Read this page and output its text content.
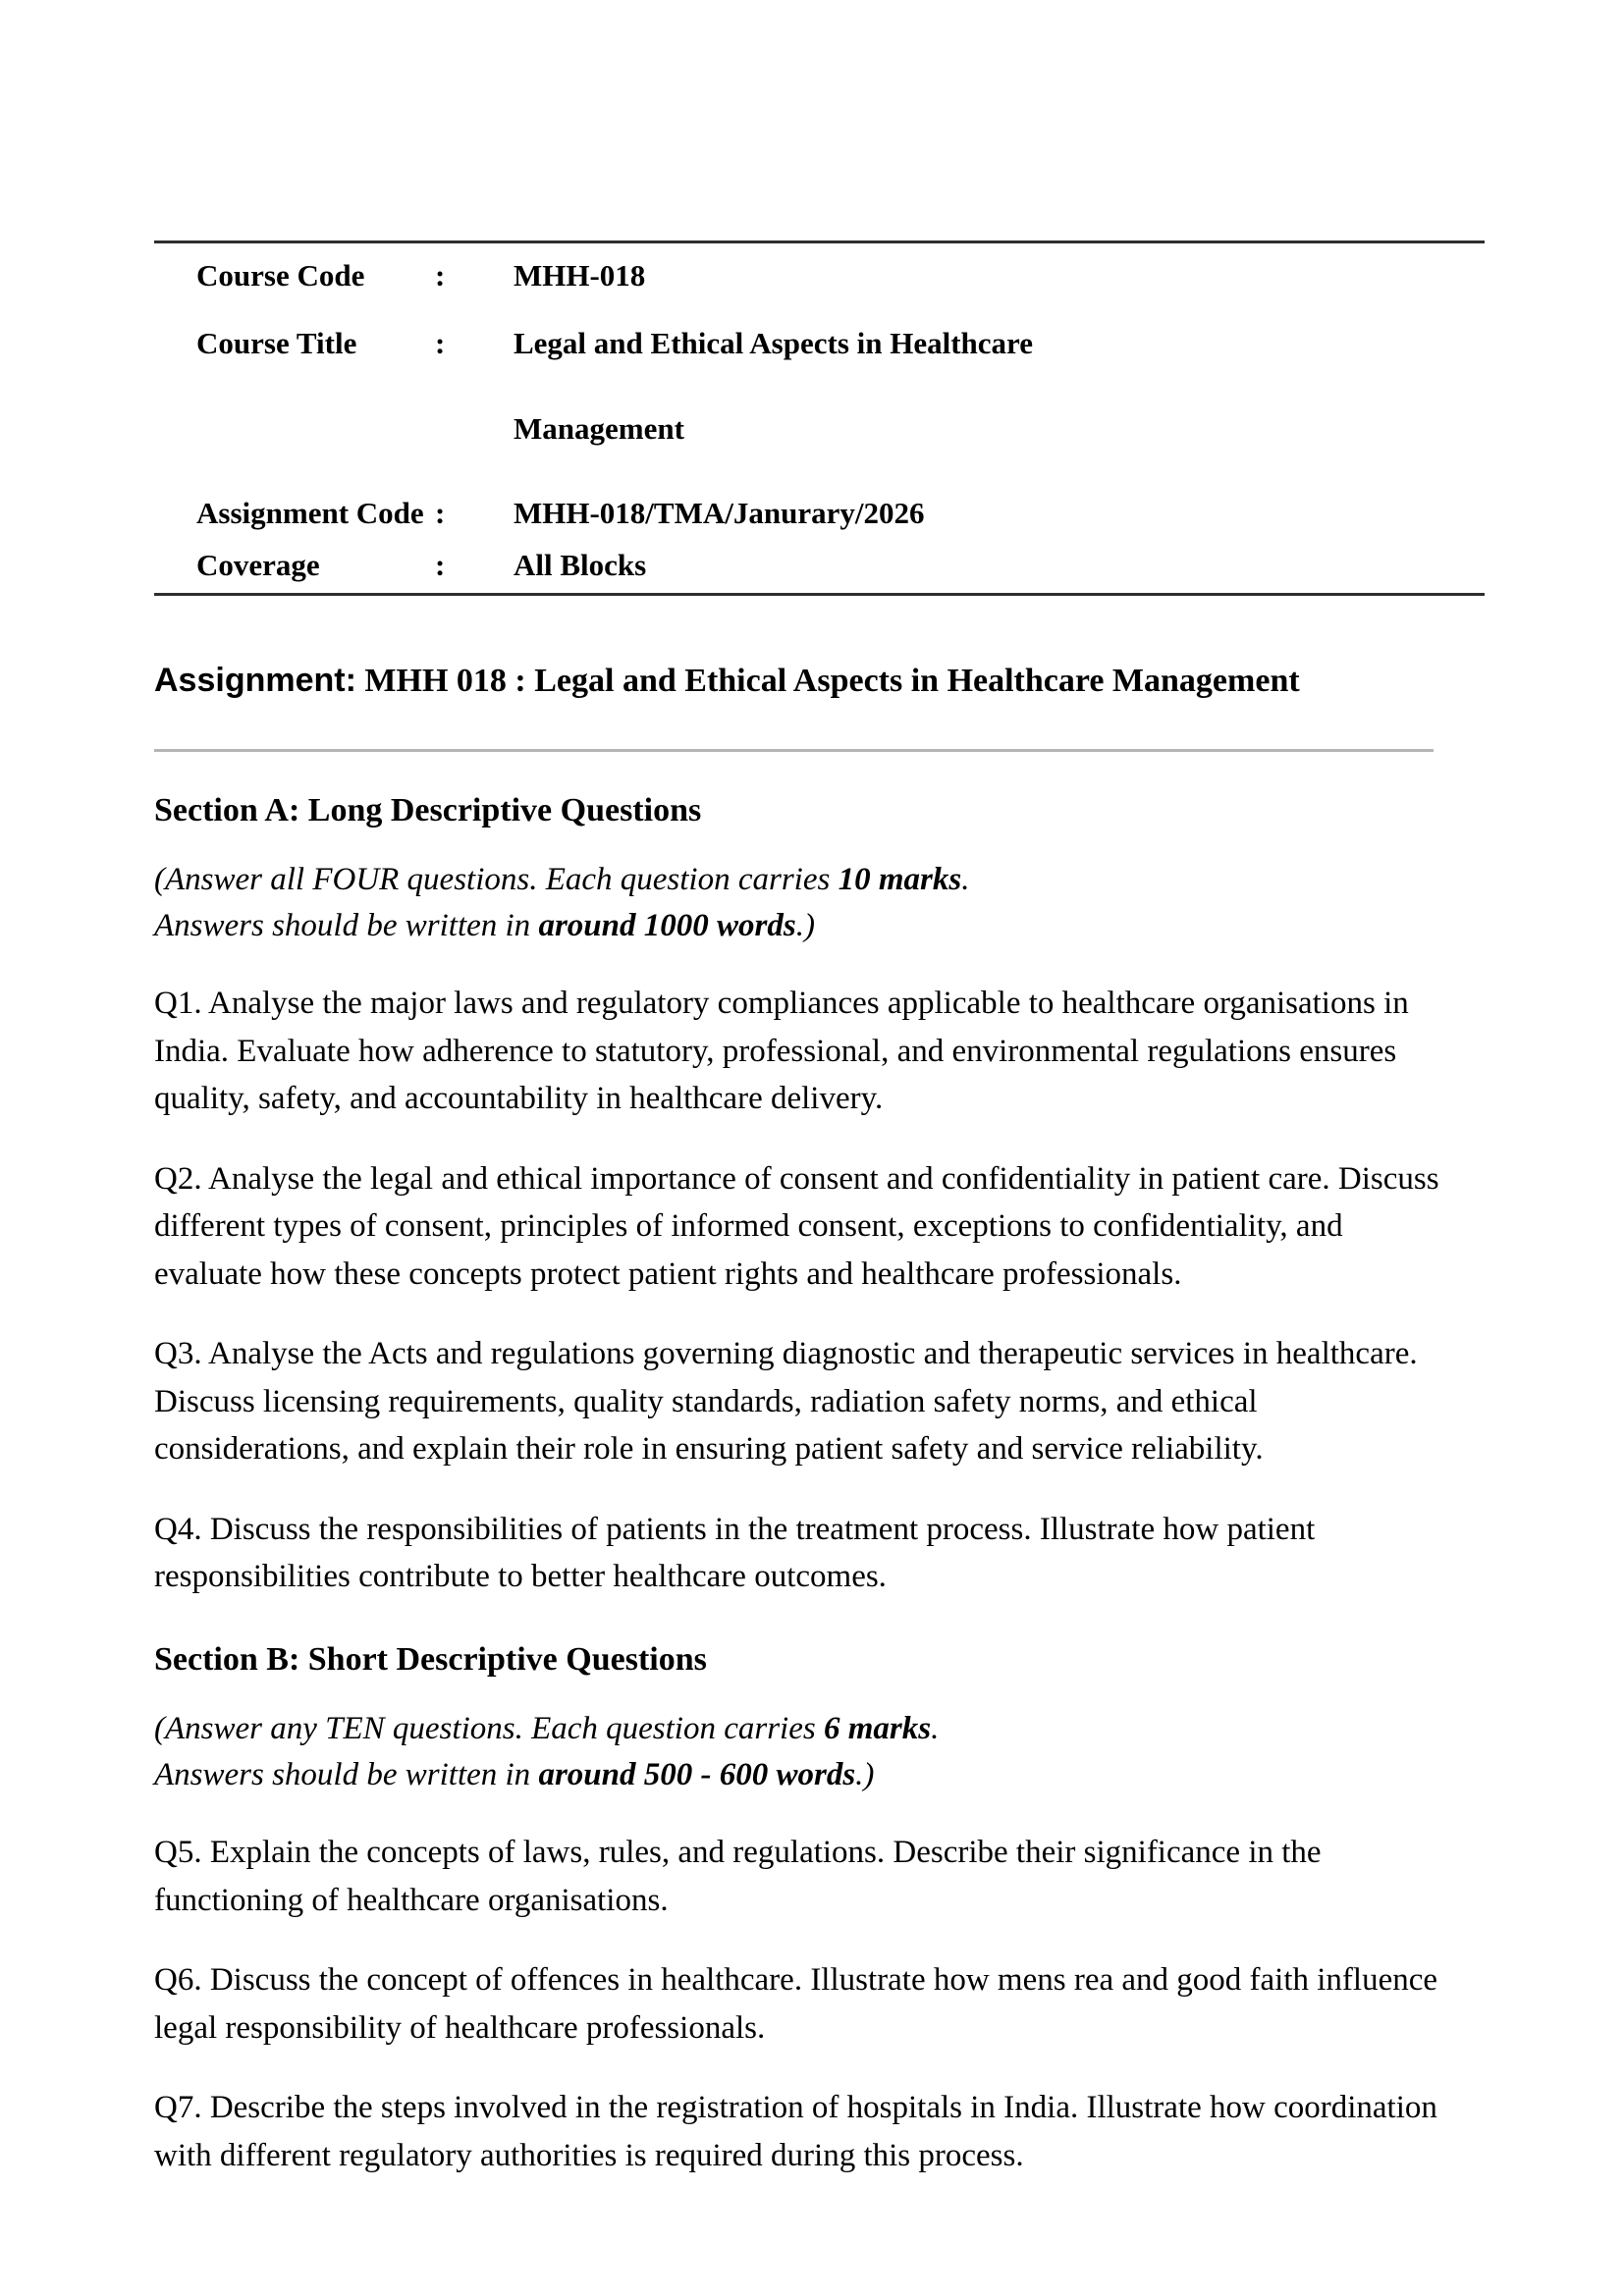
Course Code	:	MHH-018
Course Title	:	Legal and Ethical Aspects in Healthcare
Management
Assignment Code :	MHH-018/TMA/Janurary/2026
Coverage	:	All Blocks
Assignment: MHH 018 : Legal and Ethical Aspects in Healthcare Management
Section A: Long Descriptive Questions
(Answer all FOUR questions. Each question carries 10 marks.
Answers should be written in around 1000 words.)

Q1. Analyse the major laws and regulatory compliances applicable to healthcare organisations in India. Evaluate how adherence to statutory, professional, and environmental regulations ensures quality, safety, and accountability in healthcare delivery.

Q2. Analyse the legal and ethical importance of consent and confidentiality in patient care. Discuss different types of consent, principles of informed consent, exceptions to confidentiality, and evaluate how these concepts protect patient rights and healthcare professionals.

Q3. Analyse the Acts and regulations governing diagnostic and therapeutic services in healthcare. Discuss licensing requirements, quality standards, radiation safety norms, and ethical considerations, and explain their role in ensuring patient safety and service reliability.

Q4. Discuss the responsibilities of patients in the treatment process. Illustrate how patient responsibilities contribute to better healthcare outcomes.

Section B: Short Descriptive Questions
(Answer any TEN questions. Each question carries 6 marks.
Answers should be written in around 500 - 600 words.)

Q5. Explain the concepts of laws, rules, and regulations. Describe their significance in the functioning of healthcare organisations.

Q6. Discuss the concept of offences in healthcare. Illustrate how mens rea and good faith influence legal responsibility of healthcare professionals.

Q7. Describe the steps involved in the registration of hospitals in India. Illustrate how coordination with different regulatory authorities is required during this process.
